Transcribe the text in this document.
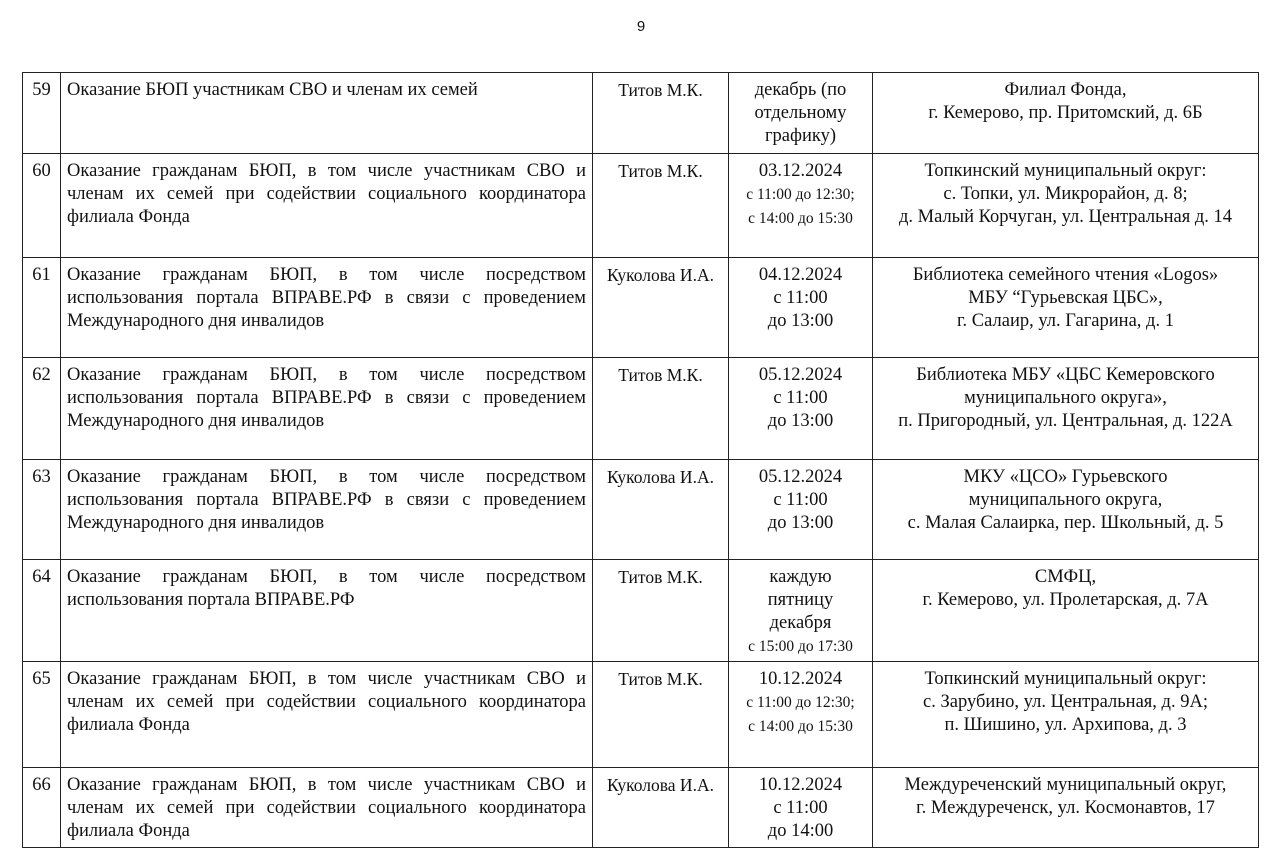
9
59	Оказание БЮП участникам СВО и членам их семей	Титов М.К.	декабрь (по
отдельному
графику)	Филиал Фонда,
г. Кемерово, пр. Притомский, д. 6Б

60	Оказание гражданам БЮП, в том числе участникам СВО и членам их семей при содействии социального координатора филиала Фонда	Титов М.К.	03.12.2024
с 11:00 до 12:30;
с 14:00 до 15:30	Топкинский муниципальный округ:
с. Топки, ул. Микрорайон, д. 8;
д. Малый Корчуган, ул. Центральная д. 14

61	Оказание гражданам БЮП, в том числе посредством использования портала ВПРАВЕ.РФ в связи с проведением Международного дня инвалидов	Куколова И.А.	04.12.2024
с 11:00
до 13:00	Библиотека семейного чтения «Logos»
МБУ “Гурьевская ЦБС»,
г. Салаир, ул. Гагарина, д. 1

62	Оказание гражданам БЮП, в том числе посредством использования портала ВПРАВЕ.РФ в связи с проведением Международного дня инвалидов	Титов М.К.	05.12.2024
с 11:00
до 13:00	Библиотека МБУ «ЦБС Кемеровского
муниципального округа»,
п. Пригородный, ул. Центральная, д. 122А

63	Оказание гражданам БЮП, в том числе посредством использования портала ВПРАВЕ.РФ в связи с проведением Международного дня инвалидов	Куколова И.А.	05.12.2024
с 11:00
до 13:00	МКУ «ЦСО» Гурьевского
муниципального округа,
с. Малая Салаирка, пер. Школьный, д. 5

64	Оказание гражданам БЮП, в том числе посредством использования портала ВПРАВЕ.РФ	Титов М.К.	каждую
пятницу
декабря
с 15:00 до 17:30	СМФЦ,
г. Кемерово, ул. Пролетарская, д. 7А

65	Оказание гражданам БЮП, в том числе участникам СВО и членам их семей при содействии социального координатора филиала Фонда	Титов М.К.	10.12.2024
с 11:00 до 12:30;
с 14:00 до 15:30	Топкинский муниципальный округ:
с. Зарубино, ул. Центральная, д. 9А;
п. Шишино, ул. Архипова, д. 3

66	Оказание гражданам БЮП, в том числе участникам СВО и членам их семей при содействии социального координатора филиала Фонда	Куколова И.А.	10.12.2024
с 11:00
до 14:00	Междуреченский муниципальный округ,
г. Междуреченск, ул. Космонавтов, 17
